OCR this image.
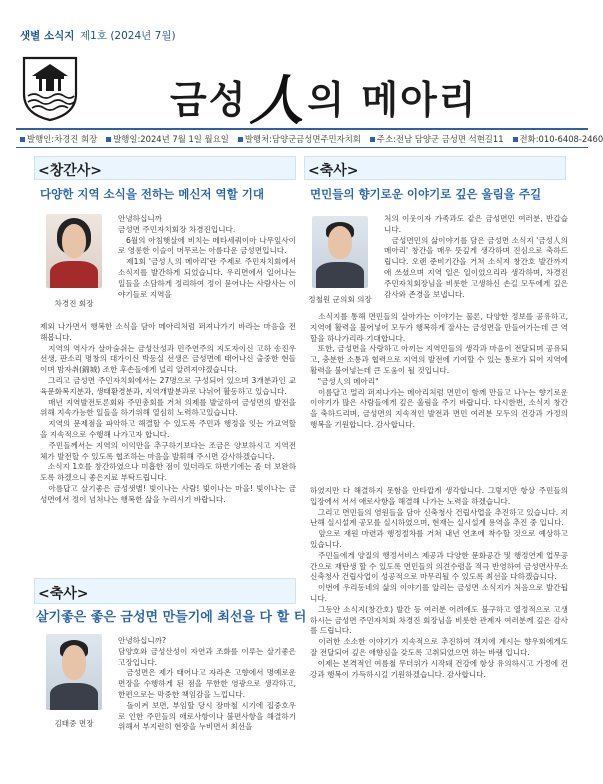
샛별 소식지 제1호 (2024년 7월)
금성人의 메아리
발행인:차경진 회장	발행일:2024년 7월 1일 월요일	발행처:담양군금성면주민자치회	주소:전남 담양군 금성면 석현길11	전화:010-6408-2460
<창간사>
다양한 지역 소식을 전하는 메신저 역할 기대
차경진 회장
안녕하십니까
금성면 주민자치회장 차경진입니다.
　6월의 아침햇살에 비치는 메타세쿼이아 나무잎사이로 영롱한 이슬이 머무르는 아름다운 금성면입니다.
　제1회 '금성人의 메아리'란 주제로 주민자치회에서 소식지를 발간하게 되었습니다. 우리면에서 일어나는 일들을 소담하게 정리하여 정이 묻어나는 사람사는 이야기들로 지역을
제외 나가면서 행복한 소식을 담아 메아리처럼 퍼져나가기 바라는 마음을 전해봅니다.
　지역의 역사가 살아숨쉬는 금성산성과 민주연주의 지도자이신 고하 송진우선생, 판소리 명창의 대가이신 박동실 선생은 금성면에 태어나신 출중한 현들이며 밤자취(錦城) 조한 후손들에게 널리 알려져야겠습니다.
　그리고 금성면 주민자치회에서는 27명으로 구성되어 있으며 3개분과인 교육문화복지분과, 생태환경분과, 지역개발분과로 나뉘어 활동하고 있습니다.
　매년 지역발전토론회와 주민총회를 거쳐 의제를 발굴하여 금성면의 발전을 위해 지속가능한 일들을 하기위해 열심히 노력하고있습니다.
　지역의 문제점을 파악하고 해결할 수 있도록 주민과 행정을 잇는 가교역할을 지속적으로 수행해 나가고자 합니다.
　주민들께서는 지역의 이익만을 추구하기보다는 조금은 양보하시고 지역전체가 발전할 수 있도록 협조하는 마음을 발휘해 주시면 감사하겠습니다.
　소식지 1호를 창간하였으나 미흡한 점이 있더라도 하반기에는 좀 더 보완하도록 하겠으니 좋은지료 부탁드립니다.
　아름답고 살기좋은 금성샛별! 빛이나는 사람! 빛이나는 마을! 빛이나는 금성면에서 정이 넘쳐나는 행복한 삶을 누리시기 바랍니다.
<축사>
면민들의 향기로운 이야기로 깊은 울림을 주길
정철원 군의회 의장
처의 이웃이자 가족과도 같은 금성면민 여러분, 반갑습니다.
　금성면민의 삶이야기를 담은 금성면 소식지 '금성人의 메아리' 창간을 매우 뜻깊게 생각하며 진심으로 축하드립니다. 오랜 준비기간을 거쳐 소식지 창간호 발간까지 애 쓰셨으며 지역 일은 일이었으리라 생각하며, 차경진 주민자치회장님을 비롯한 고생하신 손길 모두에게 깊은 감사와 존경을 보냅니다.
　소식지를 통해 면민들의 살아가는 이야기는 물론, 다양한 정보를 공유하고, 지역에 활력을 불어넣어 모두가 행복하게 잘사는 금성면을 만들어가는데 큰 역할을 하나가리라 기대합니다.
　또한, 금성면을 사랑하고 아끼는 지역민들의 생각과 마음이 전달되며 공유되고, 충분한 소통과 협력으로 지역의 발전에 기여할 수 있는 통로가 되어 지역에 활력을 불어넣는데 큰 도움이 될 것입니다.
　"금성人의 메아리"
　이름답고 멀리 퍼져나가는 메아리처럼 면민이 함께 만들고 나누는 향기로운 이야기가 많은 사람들에게 깊은 울림을 주기 바랍니다. 다시한번, 소식지 창간을 축하드리며, 금성면의 지속적인 발전과 면민 여러분 모두의 건강과 가정의 행복을 기원합니다. 감사합니다.
<축사>
살기좋은 좋은 금성면 만들기에 최선을 다 할 터
김태중 면장
안녕하십니까?
담양호와 금성산성이 자연과 조화를 이루는 살기좋은 고장입니다.
　금성면은 제가 태어나고 자라온 고향에서 명예로운 면장을 수행하게 된 점을 무한한 영광으로 생각하고, 한편으로는 막중한 책임감을 느낍니다.
　돌이켜 보면, 부임할 당시 장마철 시기에 집중호우로 인한 주민들의 애로사항이나 불편사항을 해결하기 위해서 부지런히 현장을 누비면서 최선을
하였지만 다 해결하지 못함을 안타깝게 생각합니다. 그렇지만 항상 주민들의 입장에서 서서 애로사항을 해결해 나가는 노력을 하겠습니다.
　그리고 면민들의 염원들을 담아 신축청사 건립사업을 추진하고 있습니다. 지난해 실시설계 공모를 실시하였으며, 현재는 실시설계 용역을 추진 중 입니다.
　앞으로 재원 마련과 행정절차를 거쳐 내년 연초에 착수할 것으로 예상하고 있습니다.
　주민들에게 양질의 행정서비스 제공과 다양한 문화공간 및 행정연계 업무공간으로 재탄생 할 수 있도록 면민들의 의견수렴을 적극 반영하여 금성면사무소 신축청사 건립사업이 성공적으로 마무리될 수 있도록 최선을 다하겠습니다.
　이번에 우리동네의 삶의 이야기를 알리는 금성면 소식지가 처음으로 발간됩니다.
　그동안 소식지(창간호) 발간 등 여러분 어려에도 불구하고 열정적으로 고생하시는 금성면 주민자치회 차경진 회장님을 비롯한 관계자 여러분께 깊은 감사를 드립니다.
　이러한 소소한 이야기가 지속적으로 추진하여 객지에 계시는 향우회에게도 잘 전달되어 깊은 애향심을 갖도록 고취되었으면 하는 바램 입니다.
　이제는 본격적인 여름철 무더위가 시작돼 건강에 항상 유의하시고 가정에 건강과 행복이 가득하시길 기원하겠습니다. 감사합니다.
